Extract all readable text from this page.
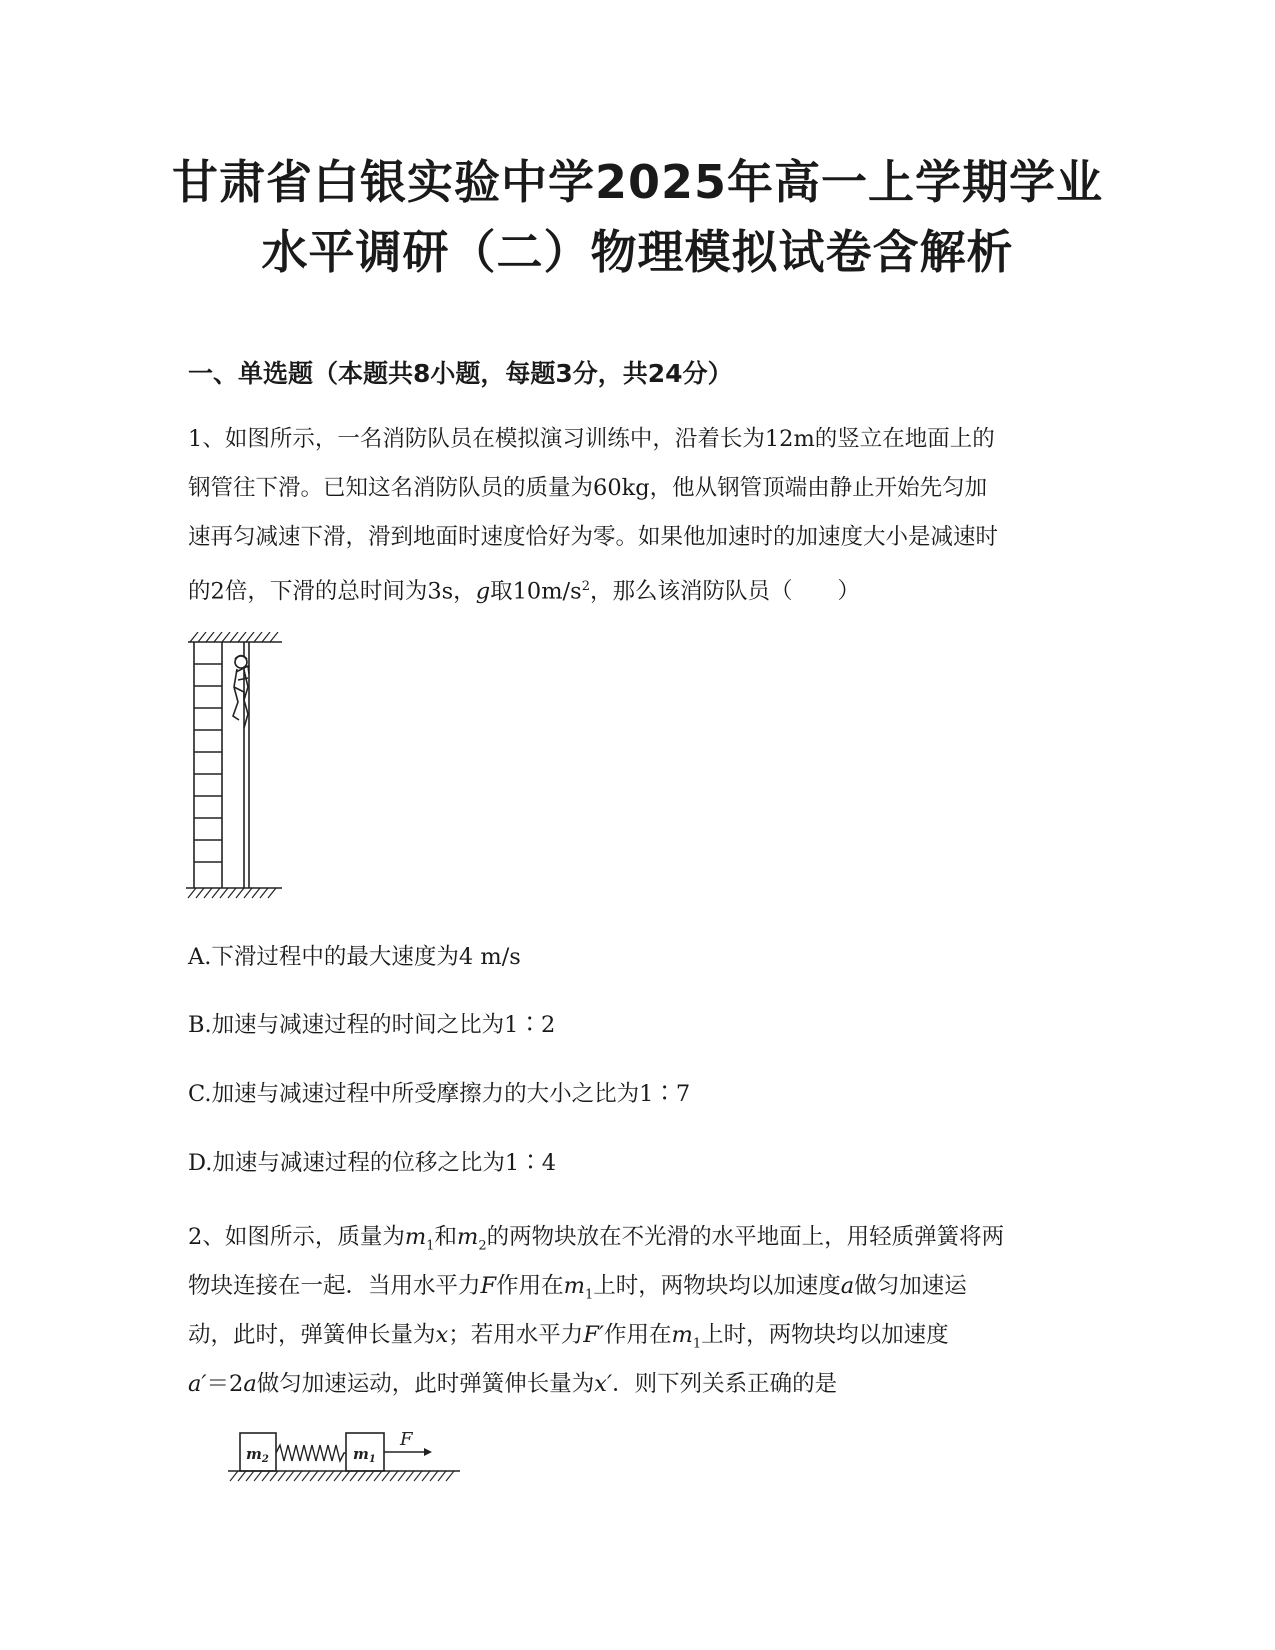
甘肃省白银实验中学2025年高一上学期学业
水平调研（二）物理模拟试卷含解析
一、单选题（本题共8小题，每题3分，共24分）
1、如图所示，一名消防队员在模拟演习训练中，沿着长为12m的竖立在地面上的
钢管往下滑。已知这名消防队员的质量为60kg，他从钢管顶端由静止开始先匀加
速再匀减速下滑，滑到地面时速度恰好为零。如果他加速时的加速度大小是减速时
的2倍，下滑的总时间为3s，g取$10m/s^2$，那么该消防队员（　　）
A.下滑过程中的最大速度为4 m/s
B.加速与减速过程的时间之比为1∶2
C.加速与减速过程中所受摩擦力的大小之比为1∶7
D.加速与减速过程的位移之比为1∶4
2、如图所示，质量为$m_1$和$m_2$的两物块放在不光滑的水平地面上，用轻质弹簧将两
物块连接在一起．当用水平力F作用在$m_1$上时，两物块均以加速度a做匀加速运
动，此时，弹簧伸长量为x；若用水平力F′作用在$m_1$上时，两物块均以加速度
a′＝2a做匀加速运动，此时弹簧伸长量为x′．则下列关系正确的是
$m_2$	$m_1$
F
